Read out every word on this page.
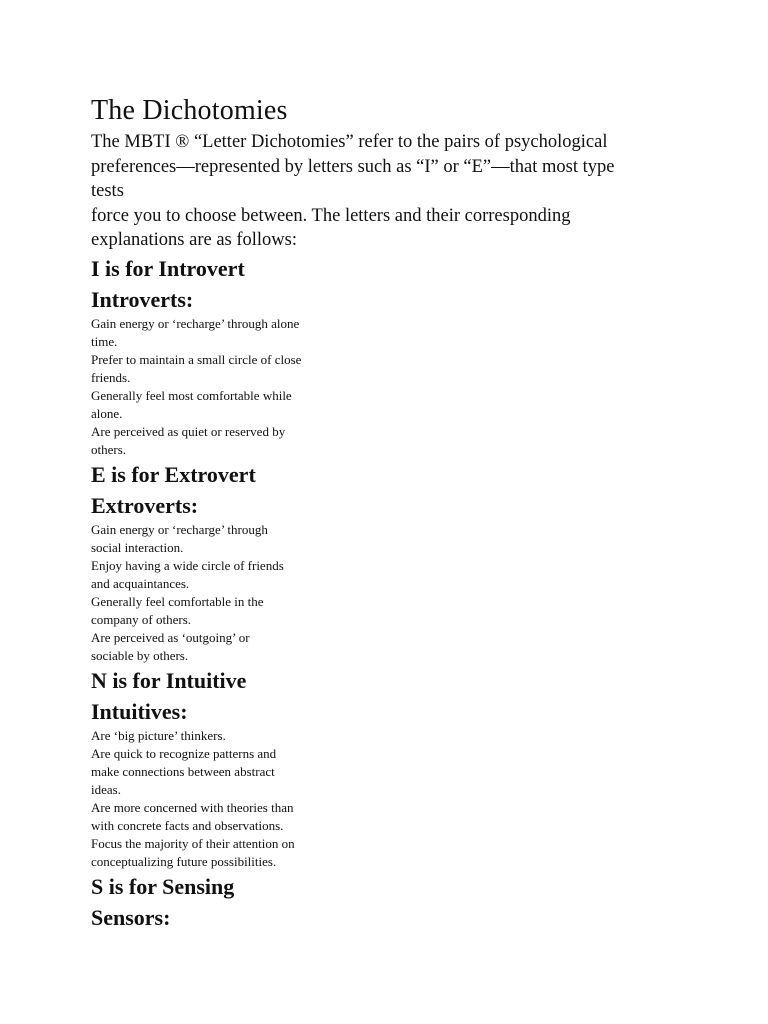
The Dichotomies

The MBTI ® “Letter Dichotomies” refer to the pairs of psychological
preferences—represented by letters such as “I” or “E”—that most type
tests
force you to choose between. The letters and their corresponding
explanations are as follows:

I is for Introvert
Introverts:

Gain energy or ‘recharge’ through alone
time.

Prefer to maintain a small circle of close
friends.

Generally feel most comfortable while
alone.

Are perceived as quiet or reserved by
others.

E is for Extrovert
Extroverts:

Gain energy or ‘recharge’ through
social interaction.

Enjoy having a wide circle of friends
and acquaintances.

Generally feel comfortable in the
company of others.

Are perceived as ‘outgoing’ or
sociable by others.

N is for Intuitive
Intuitives:

Are ‘big picture’ thinkers.

Are quick to recognize patterns and
make connections between abstract
ideas.

Are more concerned with theories than
with concrete facts and observations.

Focus the majority of their attention on
conceptualizing future possibilities.

S is for Sensing
Sensors:
